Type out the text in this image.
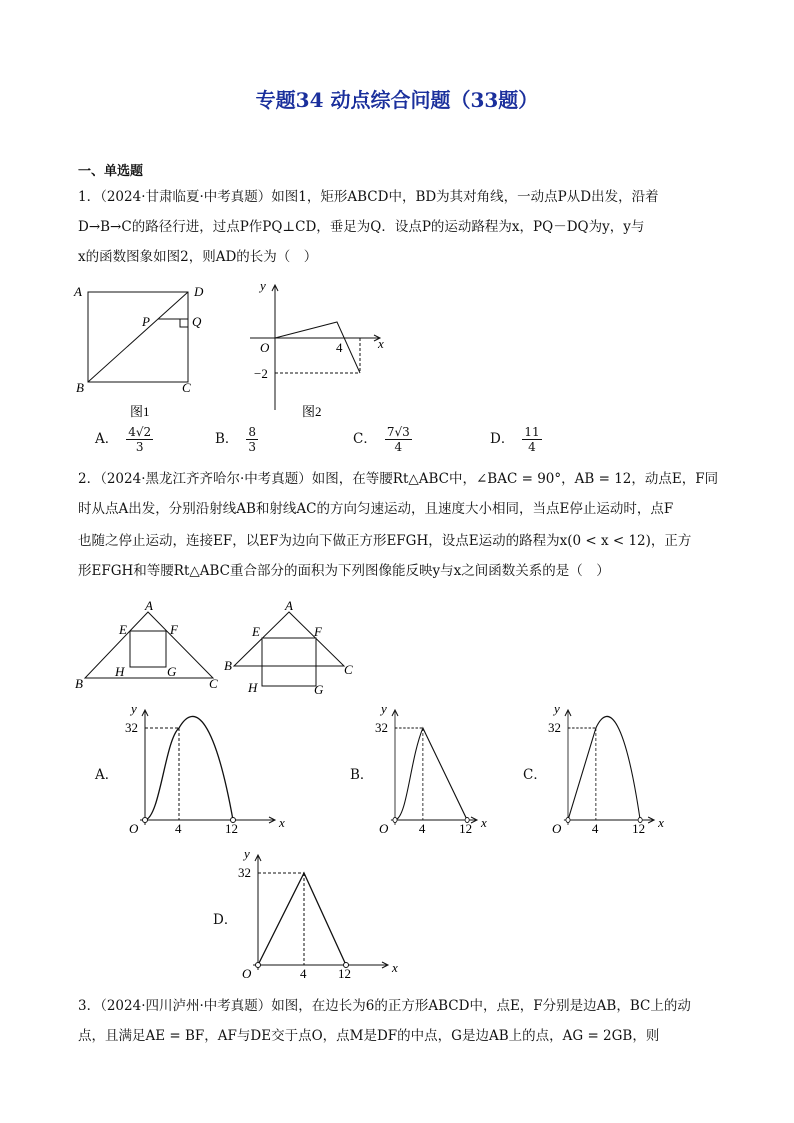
专题34 动点综合问题（33题）
一、单选题
1．（2024·甘肃临夏·中考真题）如图1，矩形ABCD中，BD为其对角线，一动点P从D出发，沿着
D→B→C的路径行进，过点P作PQ⊥CD，垂足为Q．设点P的运动路程为x，PQ－DQ为y，y与
x的函数图象如图2，则AD的长为（　）
A	D
B	C
P	Q
图1
y
x
O	4
−2
图2
A． $\frac{4√2}{3}$	B． $\frac{8}{3}$	C． $\frac{7√3}{4}$	D． $\frac{11}{4}$
2．（2024·黑龙江齐齐哈尔·中考真题）如图，在等腰Rt△ABC中，∠BAC = 90°，AB = 12，动点E，F同
时从点A出发，分别沿射线AB和射线AC的方向匀速运动，且速度大小相同，当点E停止运动时，点F
也随之停止运动，连接EF，以EF为边向下做正方形EFGH，设点E运动的路程为x(0 < x < 12)，正方
形EFGH和等腰Rt△ABC重合部分的面积为下列图像能反映y与x之间函数关系的是（　）
A
E	F
H	G
B	C
A
E	F
B	C
H	G
A．
y
x
O
32
4	12
B．
y
x
O
32
4	12
C．
y
x
O
32
4	12
D．
y
x
O
32
4 12
3．（2024·四川泸州·中考真题）如图，在边长为6的正方形ABCD中，点E，F分别是边AB，BC上的动
点，且满足AE = BF，AF与DE交于点O，点M是DF的中点，G是边AB上的点，AG = 2GB，则
